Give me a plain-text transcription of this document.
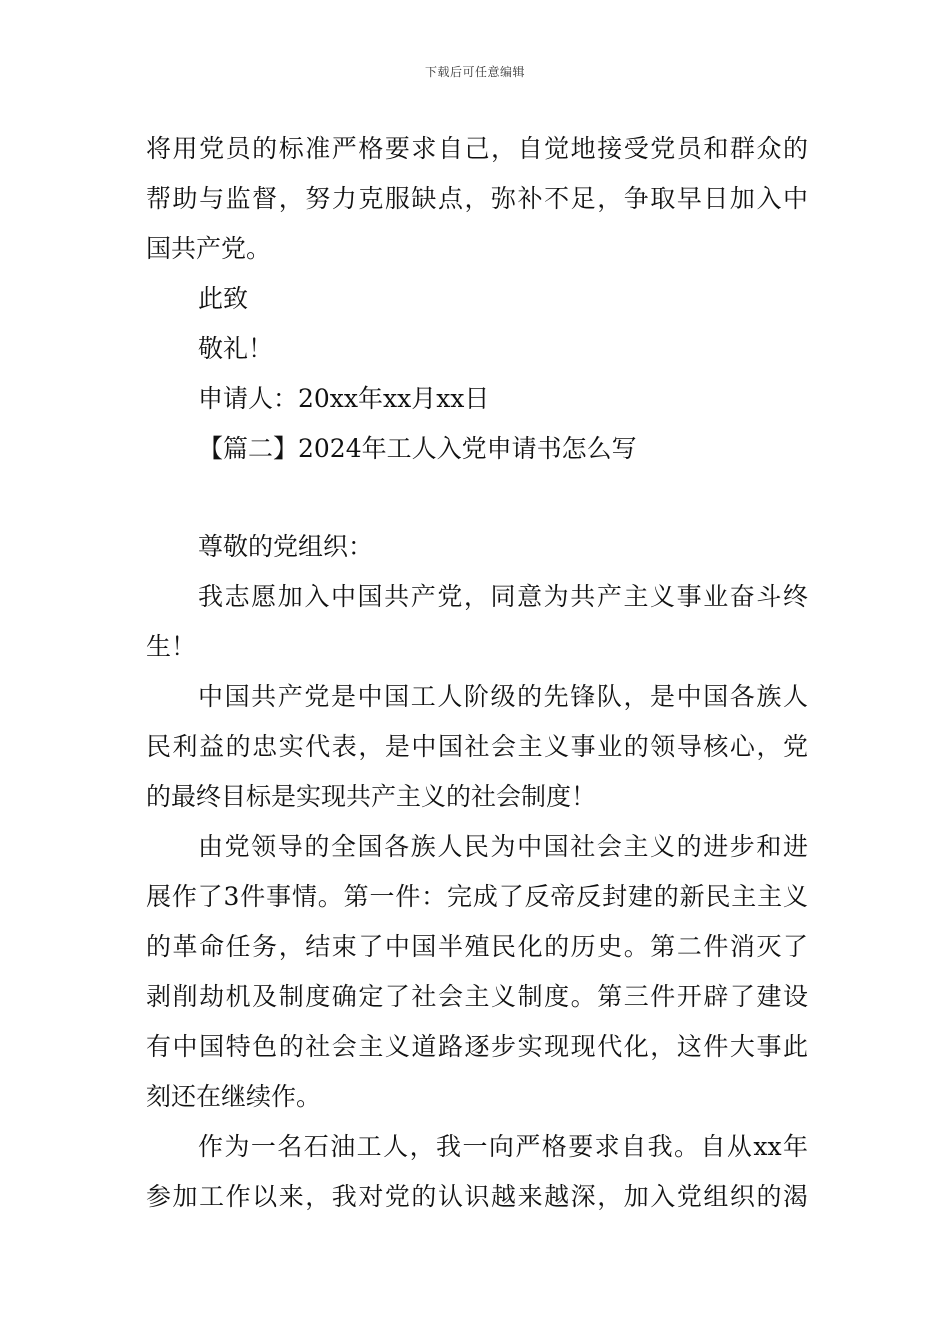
下载后可任意编辑

将用党员的标准严格要求自己，自觉地接受党员和群众的

帮助与监督，努力克服缺点，弥补不足，争取早日加入中

国共产党。

此致

敬礼！

申请人：20xx年xx月xx日

【篇二】2024年工人入党申请书怎么写

尊敬的党组织：

我志愿加入中国共产党，同意为共产主义事业奋斗终

生！

中国共产党是中国工人阶级的先锋队，是中国各族人

民利益的忠实代表，是中国社会主义事业的领导核心，党

的最终目标是实现共产主义的社会制度！

由党领导的全国各族人民为中国社会主义的进步和进

展作了3件事情。第一件：完成了反帝反封建的新民主主义

的革命任务，结束了中国半殖民化的历史。第二件消灭了

剥削劫机及制度确定了社会主义制度。第三件开辟了建设

有中国特色的社会主义道路逐步实现现代化，这件大事此

刻还在继续作。

作为一名石油工人，我一向严格要求自我。自从xx年

参加工作以来，我对党的认识越来越深，加入党组织的渴
